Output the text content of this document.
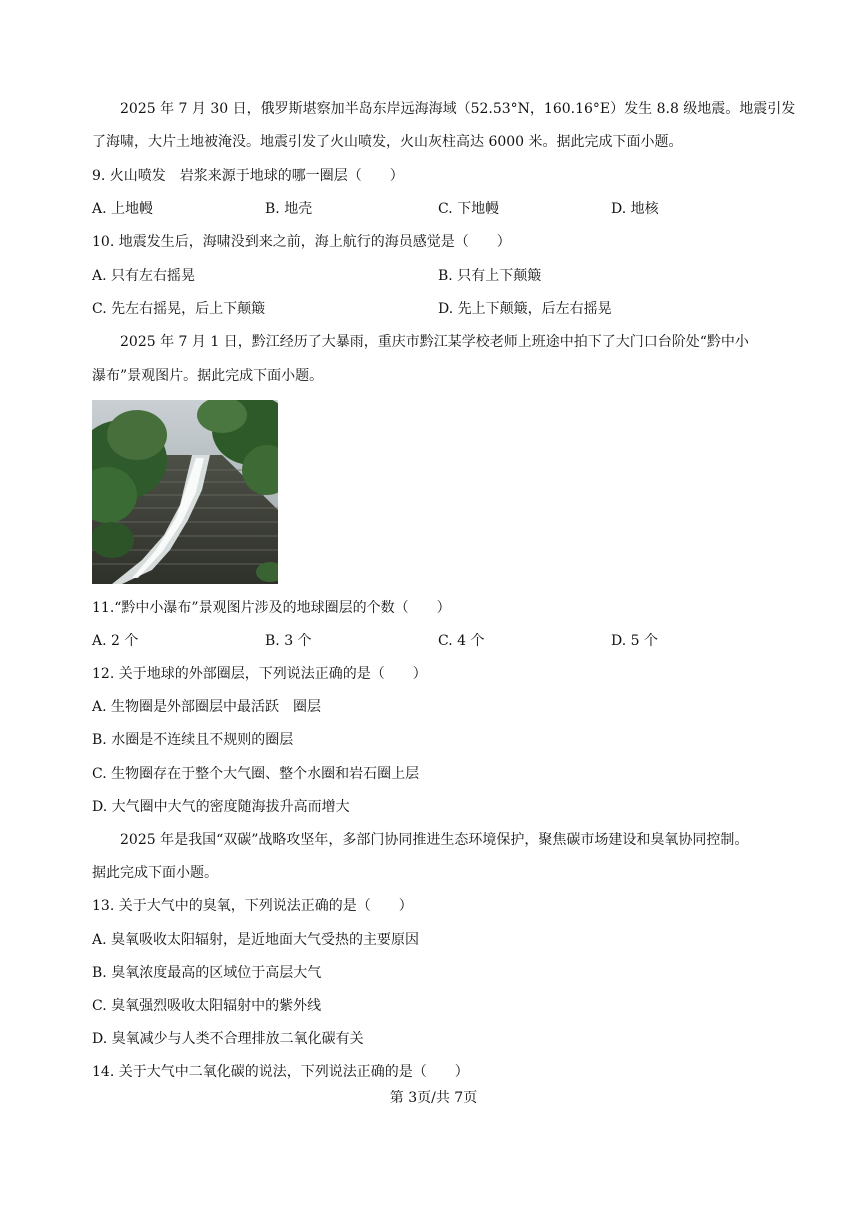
2025 年 7 月 30 日，俄罗斯堪察加半岛东岸远海海域（52.53°N，160.16°E）发生 8.8 级地震。地震引发
了海啸，大片土地被淹没。地震引发了火山喷发，火山灰柱高达 6000 米。据此完成下面小题。
9. 火山喷发　岩浆来源于地球的哪一圈层（　　）
A. 上地幔	B. 地壳	C. 下地幔	D. 地核
10. 地震发生后，海啸没到来之前，海上航行的海员感觉是（　　）
A. 只有左右摇晃	B. 只有上下颠簸
C. 先左右摇晃，后上下颠簸	D. 先上下颠簸，后左右摇晃
2025 年 7 月 1 日，黔江经历了大暴雨，重庆市黔江某学校老师上班途中拍下了大门口台阶处“黔中小
瀑布”景观图片。据此完成下面小题。
11.“黔中小瀑布”景观图片涉及的地球圈层的个数（　　）
A. 2 个	B. 3 个	C. 4 个	D. 5 个
12. 关于地球的外部圈层，下列说法正确的是（　　）
A. 生物圈是外部圈层中最活跃　圈层
B. 水圈是不连续且不规则的圈层
C. 生物圈存在于整个大气圈、整个水圈和岩石圈上层
D. 大气圈中大气的密度随海拔升高而增大
2025 年是我国“双碳”战略攻坚年，多部门协同推进生态环境保护，聚焦碳市场建设和臭氧协同控制。
据此完成下面小题。
13. 关于大气中的臭氧，下列说法正确的是（　　）
A. 臭氧吸收太阳辐射，是近地面大气受热的主要原因
B. 臭氧浓度最高的区域位于高层大气
C. 臭氧强烈吸收太阳辐射中的紫外线
D. 臭氧减少与人类不合理排放二氧化碳有关
14. 关于大气中二氧化碳的说法，下列说法正确的是（　　）
第 3页/共 7页
